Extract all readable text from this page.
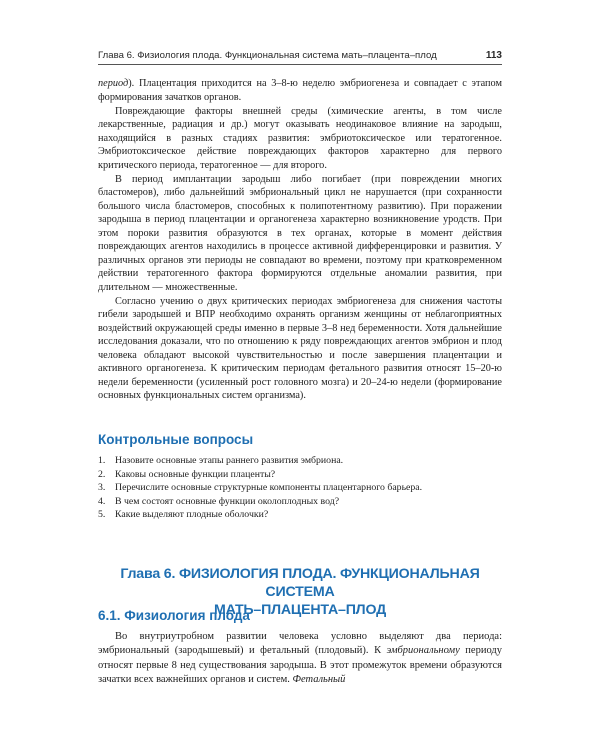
Глава 6. Физиология плода. Функциональная система мать–плацента–плод	113

период). Плацентация приходится на 3–8-ю неделю эмбриогенеза и совпадает с этапом формирования зачатков органов.

Повреждающие факторы внешней среды (химические агенты, в том числе лекарственные, радиация и др.) могут оказывать неодинаковое влияние на зародыш, находящийся в разных стадиях развития: эмбриотоксическое или тератогенное. Эмбриотоксическое действие повреждающих факторов характерно для первого критического периода, тератогенное — для второго.

В период имплантации зародыш либо погибает (при повреждении многих бластомеров), либо дальнейший эмбриональный цикл не нарушается (при сохранности большого числа бластомеров, способных к полипотентному развитию). При поражении зародыша в период плацентации и органогенеза характерно возникновение уродств. При этом пороки развития образуются в тех органах, которые в момент действия повреждающих агентов находились в процессе активной дифференцировки и развития. У различных органов эти периоды не совпадают во времени, поэтому при кратковременном действии тератогенного фактора формируются отдельные аномалии развития, при длительном — множественные.

Согласно учению о двух критических периодах эмбриогенеза для снижения частоты гибели зародышей и ВПР необходимо охранять организм женщины от неблагоприятных воздействий окружающей среды именно в первые 3–8 нед беременности. Хотя дальнейшие исследования доказали, что по отношению к ряду повреждающих агентов эмбрион и плод человека обладают высокой чувствительностью и после завершения плацентации и активного органогенеза. К критическим периодам фетального развития относят 15–20-ю недели беременности (усиленный рост головного мозга) и 20–24-ю недели (формирование основных функциональных систем организма).

Контрольные вопросы
1. Назовите основные этапы раннего развития эмбриона.
2. Каковы основные функции плаценты?
3. Перечислите основные структурные компоненты плацентарного барьера.
4. В чем состоят основные функции околоплодных вод?
5. Какие выделяют плодные оболочки?
Глава 6. ФИЗИОЛОГИЯ ПЛОДА. ФУНКЦИОНАЛЬНАЯ СИСТЕМА
МАТЬ–ПЛАЦЕНТА–ПЛОД
6.1. Физиология плода

Во внутриутробном развитии человека условно выделяют два периода: эмбриональный (зародышевый) и фетальный (плодовый). К эмбриональному периоду относят первые 8 нед существования зародыша. В этот промежуток времени образуются зачатки всех важнейших органов и систем. Фетальный
